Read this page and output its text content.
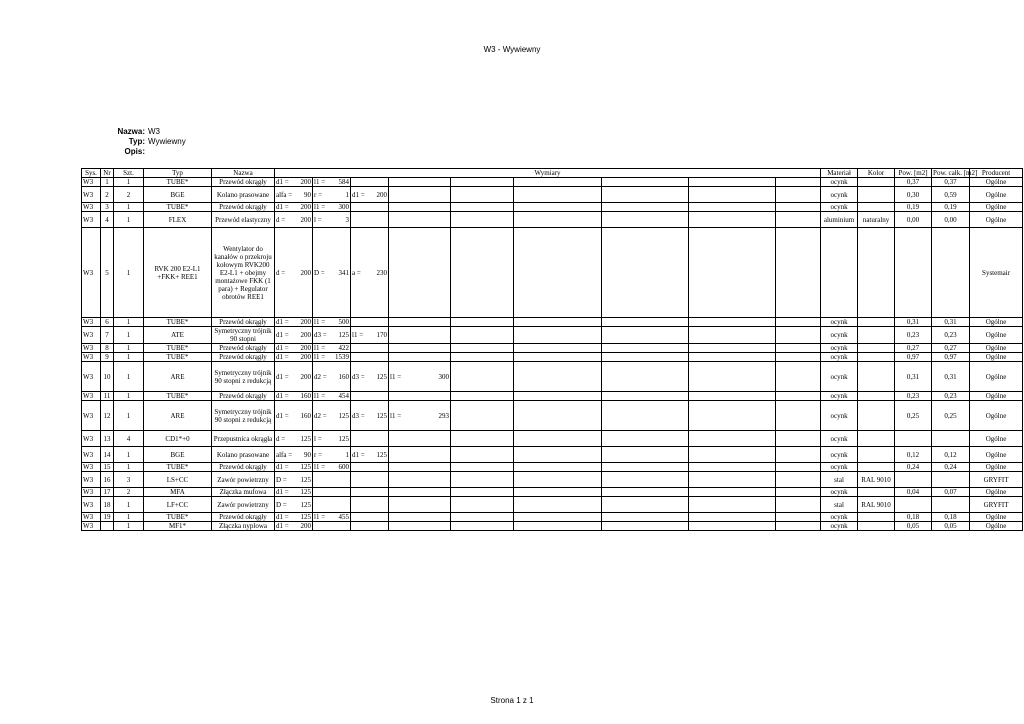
W3 - Wywiewny
Nazwa: W3
Typ: Wywiewny
Opis:
Sys.	Nr	Szt.	Typ	Nazwa	Wymiary									Materiał	Kolor	Pow. [m2]	Pow. całk. [m2]	Producent
W3	1	1	TUBE*	Przewód okrągły	d1 = 200	l1 = 584								ocynk		0,37	0,37	Ogólne
W3	2	2	BGE	Kolano prasowane	alfa = 90	r = 1	d1 = 200							ocynk		0,30	0,59	Ogólne
W3	3	1	TUBE*	Przewód okrągły	d1 = 200	l1 = 300								ocynk		0,19	0,19	Ogólne
W3	4	1	FLEX	Przewód elastyczny	d = 200	l = 3								aluminium	naturalny	0,00	0,00	Ogólne
W3	5	1	RVK 200 E2-L1 +FKK+ REE1	Wentylator do kanałów o przekroju kołowym RVK200 E2-L1 + obejmy montażowe FKK (1 para) + Regulator obrotów REE1	d = 200	D = 341	a = 230											Systemair
W3	6	1	TUBE*	Przewód okrągły	d1 = 200	l1 = 500								ocynk		0,31	0,31	Ogólne
W3	7	1	ATE	Symetryczny trójnik 90 stopni	d1 = 200	d3 = 125	l1 = 170							ocynk		0,23	0,23	Ogólne
W3	8	1	TUBE*	Przewód okrągły	d1 = 200	l1 = 422								ocynk		0,27	0,27	Ogólne
W3	9	1	TUBE*	Przewód okrągły	d1 = 200	l1 = 1539								ocynk		0,97	0,97	Ogólne
W3	10	1	ARE	Symetryczny trójnik 90 stopni z redukcją	d1 = 200	d2 = 160	d3 = 125	l1 = 300						ocynk		0,31	0,31	Ogólne
W3	11	1	TUBE*	Przewód okrągły	d1 = 160	l1 = 454								ocynk		0,23	0,23	Ogólne
W3	12	1	ARE	Symetryczny trójnik 90 stopni z redukcją	d1 = 160	d2 = 125	d3 = 125	l1 = 293						ocynk		0,25	0,25	Ogólne
W3	13	4	CD1*+0	Przepustnica okrągła	d = 125	l = 125								ocynk				Ogólne
W3	14	1	BGE	Kolano prasowane	alfa = 90	r = 1	d1 = 125							ocynk		0,12	0,12	Ogólne
W3	15	1	TUBE*	Przewód okrągły	d1 = 125	l1 = 600								ocynk		0,24	0,24	Ogólne
W3	16	3	LS+CC	Zawór powietrzny	D = 125									stal	RAL 9010			GRYFIT
W3	17	2	MFA	Złączka mufowa	d1 = 125									ocynk		0,04	0,07	Ogólne
W3	18	1	LF+CC	Zawór powietrzny	D = 125									stal	RAL 9010			GRYFIT
W3	19	1	TUBE*	Przewód okrągły	d1 = 125	l1 = 455								ocynk		0,18	0,18	Ogólne
W3		1	MF1*	Złączka nyplowa	d1 = 200									ocynk		0,05	0,05	Ogólne
Strona 1 z 1
